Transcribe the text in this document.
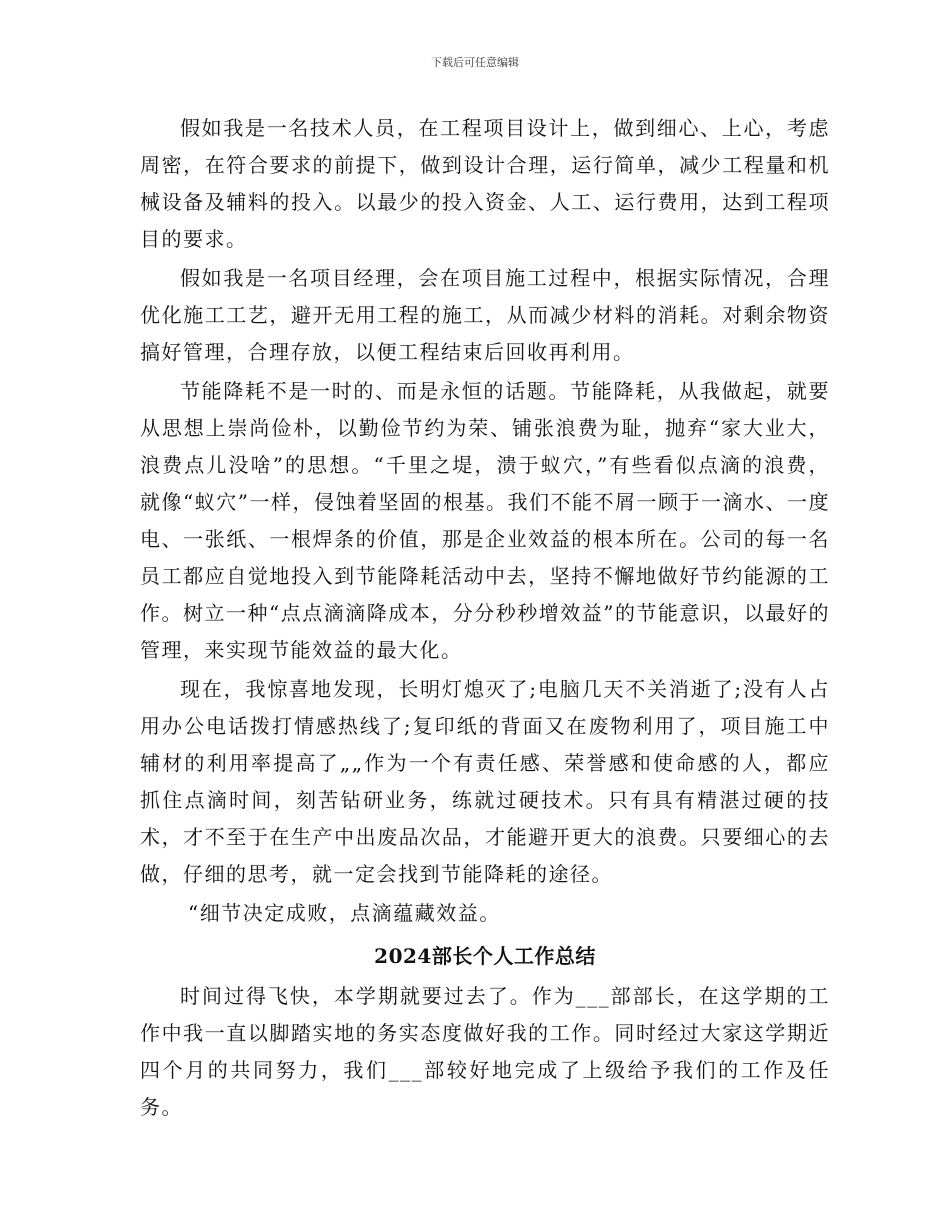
下载后可任意编辑

假如我是一名技术人员，在工程项目设计上，做到细心、上心，考虑周密，在符合要求的前提下，做到设计合理，运行简单，减少工程量和机械设备及辅料的投入。以最少的投入资金、人工、运行费用，达到工程项目的要求。

假如我是一名项目经理，会在项目施工过程中，根据实际情况，合理优化施工工艺，避开无用工程的施工，从而减少材料的消耗。对剩余物资搞好管理，合理存放，以便工程结束后回收再利用。

节能降耗不是一时的、而是永恒的话题。节能降耗，从我做起，就要从思想上崇尚俭朴，以勤俭节约为荣、铺张浪费为耻，抛弃“家大业大，浪费点儿没啥”的思想。“千里之堤，溃于蚁穴，”有些看似点滴的浪费，就像“蚁穴”一样，侵蚀着坚固的根基。我们不能不屑一顾于一滴水、一度电、一张纸、一根焊条的价值，那是企业效益的根本所在。公司的每一名员工都应自觉地投入到节能降耗活动中去，坚持不懈地做好节约能源的工作。树立一种“点点滴滴降成本，分分秒秒增效益”的节能意识，以最好的管理，来实现节能效益的最大化。

现在，我惊喜地发现，长明灯熄灭了;电脑几天不关消逝了;没有人占用办公电话拨打情感热线了;复印纸的背面又在废物利用了，项目施工中辅材的利用率提高了„„作为一个有责任感、荣誉感和使命感的人，都应抓住点滴时间，刻苦钻研业务，练就过硬技术。只有具有精湛过硬的技术，才不至于在生产中出废品次品，才能避开更大的浪费。只要细心的去做，仔细的思考，就一定会找到节能降耗的途径。

“细节决定成败，点滴蕴藏效益。

2024部长个人工作总结

时间过得飞快，本学期就要过去了。作为___部部长，在这学期的工作中我一直以脚踏实地的务实态度做好我的工作。同时经过大家这学期近四个月的共同努力，我们___部较好地完成了上级给予我们的工作及任务。
